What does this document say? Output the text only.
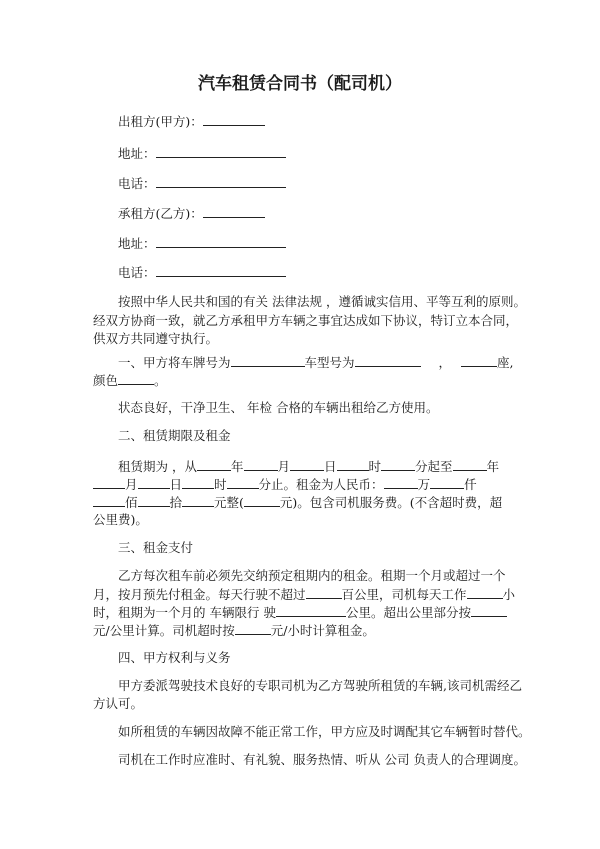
汽车租赁合同书（配司机）
出租方(甲方)：
地址：
电话：
承租方(乙方)：
地址：
电话：
按照中华人民共和国的有关 法律法规 ，遵循诚实信用、平等互利的原则。
经双方协商一致，就乙方承租甲方车辆之事宜达成如下协议，特订立本合同，
供双方共同遵守执行。
一、甲方将车牌号为	车型号为	，	座,
颜色	。
状态良好，干净卫生、 年检 合格的车辆出租给乙方使用。
二、租赁期限及租金
租赁期为 ，从	年	月	日	时	分起至	年
月	日	时	分止。租金为人民币：	万	仟
佰	拾	元整(	元)。包含司机服务费。(不含超时费，超
公里费)。
三、租金支付
乙方每次租车前必须先交纳预定租期内的租金。租期一个月或超过一个
月，按月预先付租金。每天行驶不超过	百公里，司机每天工作	小
时，租期为一个月的 车辆限行 驶	公里。超出公里部分按
元/公里计算。司机超时按	元/小时计算租金。
四、甲方权利与义务
甲方委派驾驶技术良好的专职司机为乙方驾驶所租赁的车辆,该司机需经乙
方认可。
如所租赁的车辆因故障不能正常工作，甲方应及时调配其它车辆暂时替代。
司机在工作时应准时、有礼貌、服务热情、听从 公司 负责人的合理调度。
